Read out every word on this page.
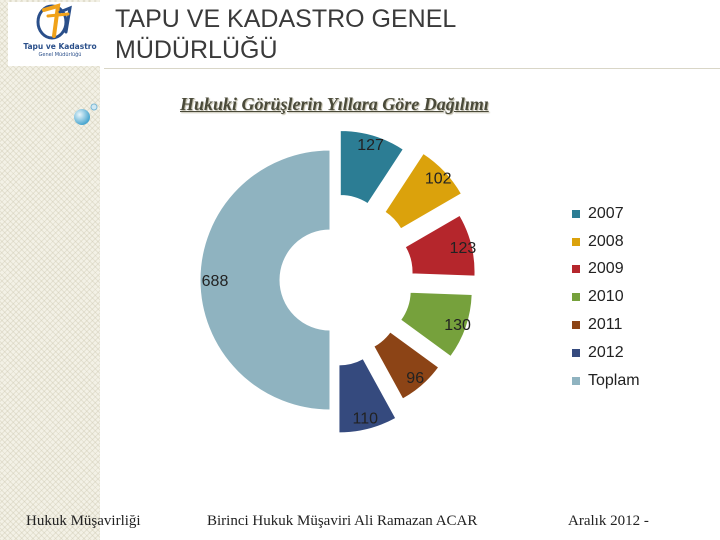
Tapu ve Kadastro
Genel Müdürlüğü
TAPU VE KADASTRO GENEL
MÜDÜRLÜĞÜ
Hukuki Görüşlerin Yıllara Göre Dağılımı
127
102
123
130
96
110
688
2007
2008
2009
2010
2011
2012
Toplam
Hukuk Müşavirliği	Birinci Hukuk Müşaviri Ali Ramazan ACAR	Aralık 2012 -
